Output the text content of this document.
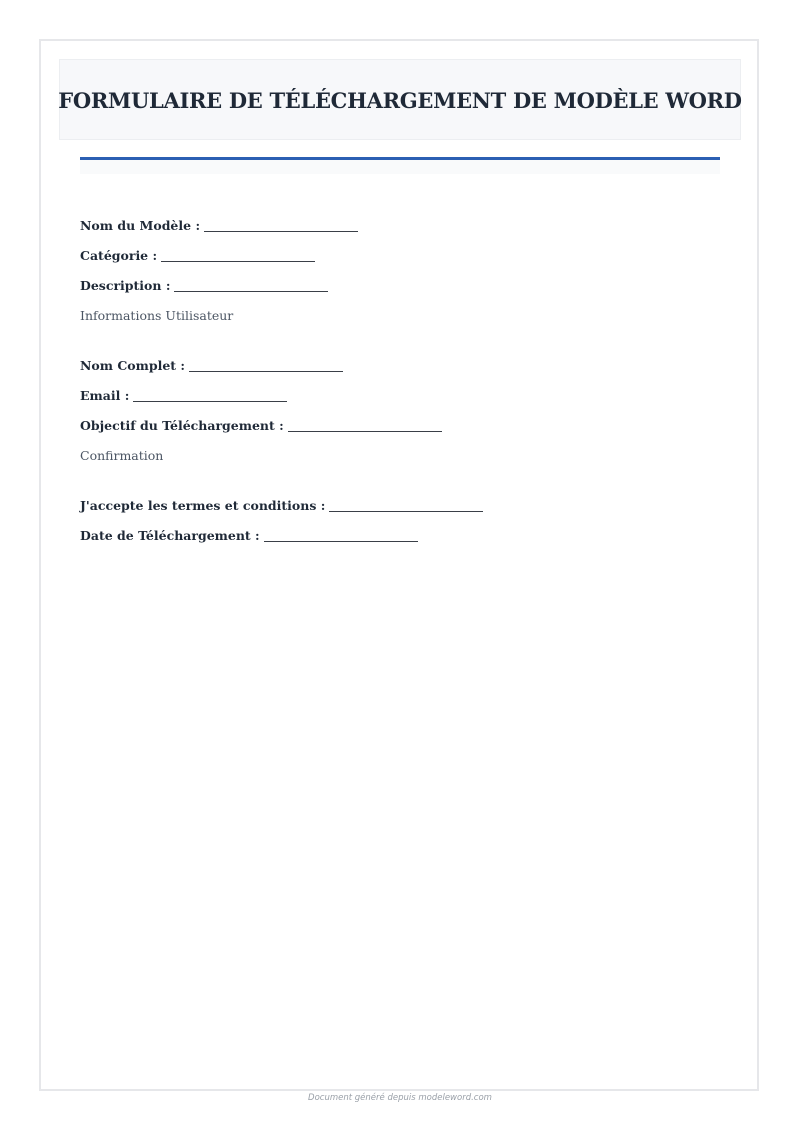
FORMULAIRE DE TÉLÉCHARGEMENT DE MODÈLE WORD
Nom du Modèle :
Catégorie :
Description :
Informations Utilisateur
Nom Complet :
Email :
Objectif du Téléchargement :
Confirmation
J'accepte les termes et conditions :
Date de Téléchargement :
Document généré depuis modeleword.com
